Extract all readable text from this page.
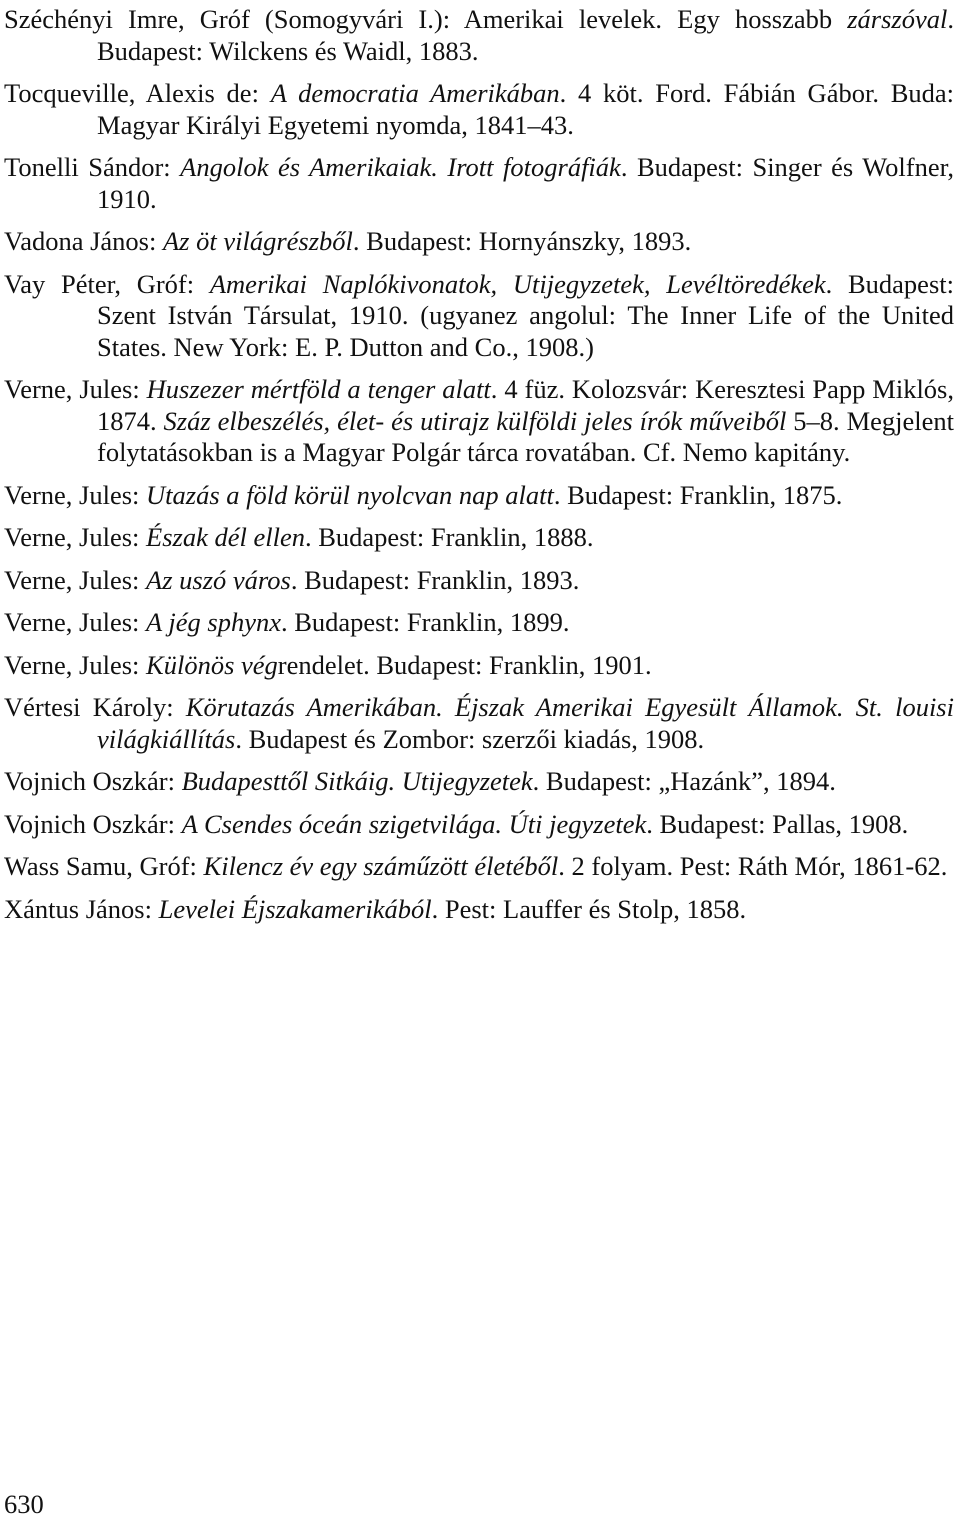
Széchényi Imre, Gróf (Somogyvári I.): Amerikai levelek. Egy hosszabb zárszóval. Budapest: Wilckens és Waidl, 1883.

Tocqueville, Alexis de: A democratia Amerikában. 4 köt. Ford. Fábián Gábor. Buda: Magyar Királyi Egyetemi nyomda, 1841–43.

Tonelli Sándor: Angolok és Amerikaiak. Irott fotográfiák. Budapest: Singer és Wolfner, 1910.

Vadona János: Az öt világrészből. Budapest: Hornyánszky, 1893.

Vay Péter, Gróf: Amerikai Naplókivonatok, Utijegyzetek, Levéltöredékek. Budapest: Szent István Társulat, 1910. (ugyanez angolul: The Inner Life of the United States. New York: E. P. Dutton and Co., 1908.)

Verne, Jules: Huszezer mértföld a tenger alatt. 4 füz. Kolozsvár: Keresztesi Papp Miklós, 1874. Száz elbeszélés, élet- és utirajz külföldi jeles írók műveiből 5–8. Megjelent folytatásokban is a Magyar Polgár tárca rovatában. Cf. Nemo kapitány.

Verne, Jules: Utazás a föld körül nyolcvan nap alatt. Budapest: Franklin, 1875.

Verne, Jules: Észak dél ellen. Budapest: Franklin, 1888.

Verne, Jules: Az uszó város. Budapest: Franklin, 1893.

Verne, Jules: A jég sphynx. Budapest: Franklin, 1899.

Verne, Jules: Különös végrendelet. Budapest: Franklin, 1901.

Vértesi Károly: Körutazás Amerikában. Éjszak Amerikai Egyesült Államok. St. louisi világkiállítás. Budapest és Zombor: szerzői kiadás, 1908.

Vojnich Oszkár: Budapesttől Sitkáig. Utijegyzetek. Budapest: „Hazánk”, 1894.

Vojnich Oszkár: A Csendes óceán szigetvilága. Úti jegyzetek. Budapest: Pallas, 1908.

Wass Samu, Gróf: Kilencz év egy száműzött életéből. 2 folyam. Pest: Ráth Mór, 1861-62.

Xántus János: Levelei Éjszakamerikából. Pest: Lauffer és Stolp, 1858.

630
